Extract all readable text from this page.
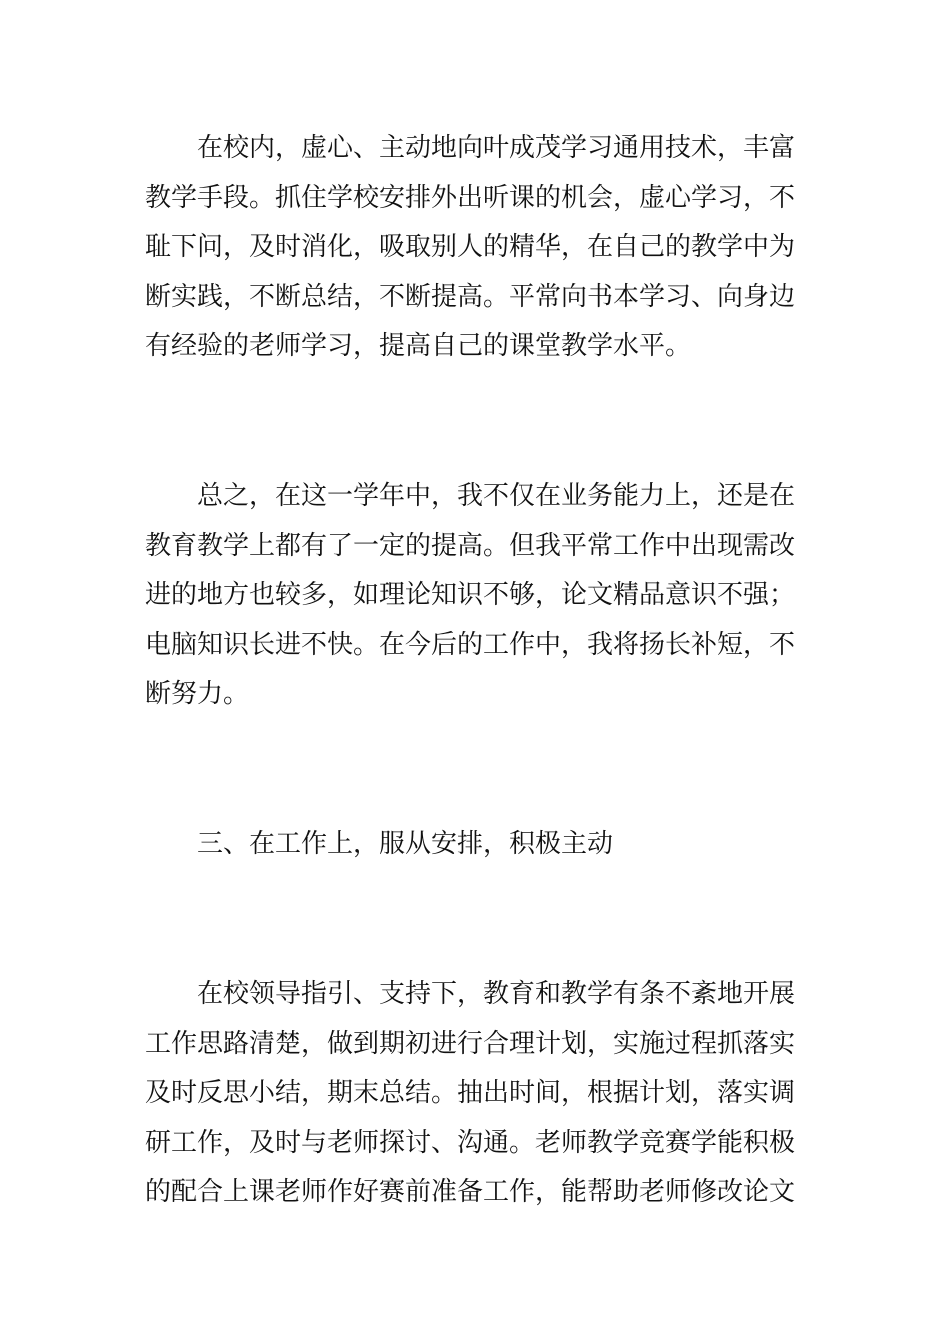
在校内，虚心、主动地向叶成茂学习通用技术，丰富
教学手段。抓住学校安排外出听课的机会，虚心学习，不
耻下问，及时消化，吸取别人的精华，在自己的教学中为
断实践，不断总结，不断提高。平常向书本学习、向身边
有经验的老师学习，提高自己的课堂教学水平。
总之，在这一学年中，我不仅在业务能力上，还是在
教育教学上都有了一定的提高。但我平常工作中出现需改
进的地方也较多，如理论知识不够，论文精品意识不强；
电脑知识长进不快。在今后的工作中，我将扬长补短，不
断努力。
三、在工作上，服从安排，积极主动
在校领导指引、支持下，教育和教学有条不紊地开展
工作思路清楚，做到期初进行合理计划，实施过程抓落实
及时反思小结，期末总结。抽出时间，根据计划，落实调
研工作，及时与老师探讨、沟通。老师教学竞赛学能积极
的配合上课老师作好赛前准备工作，能帮助老师修改论文
